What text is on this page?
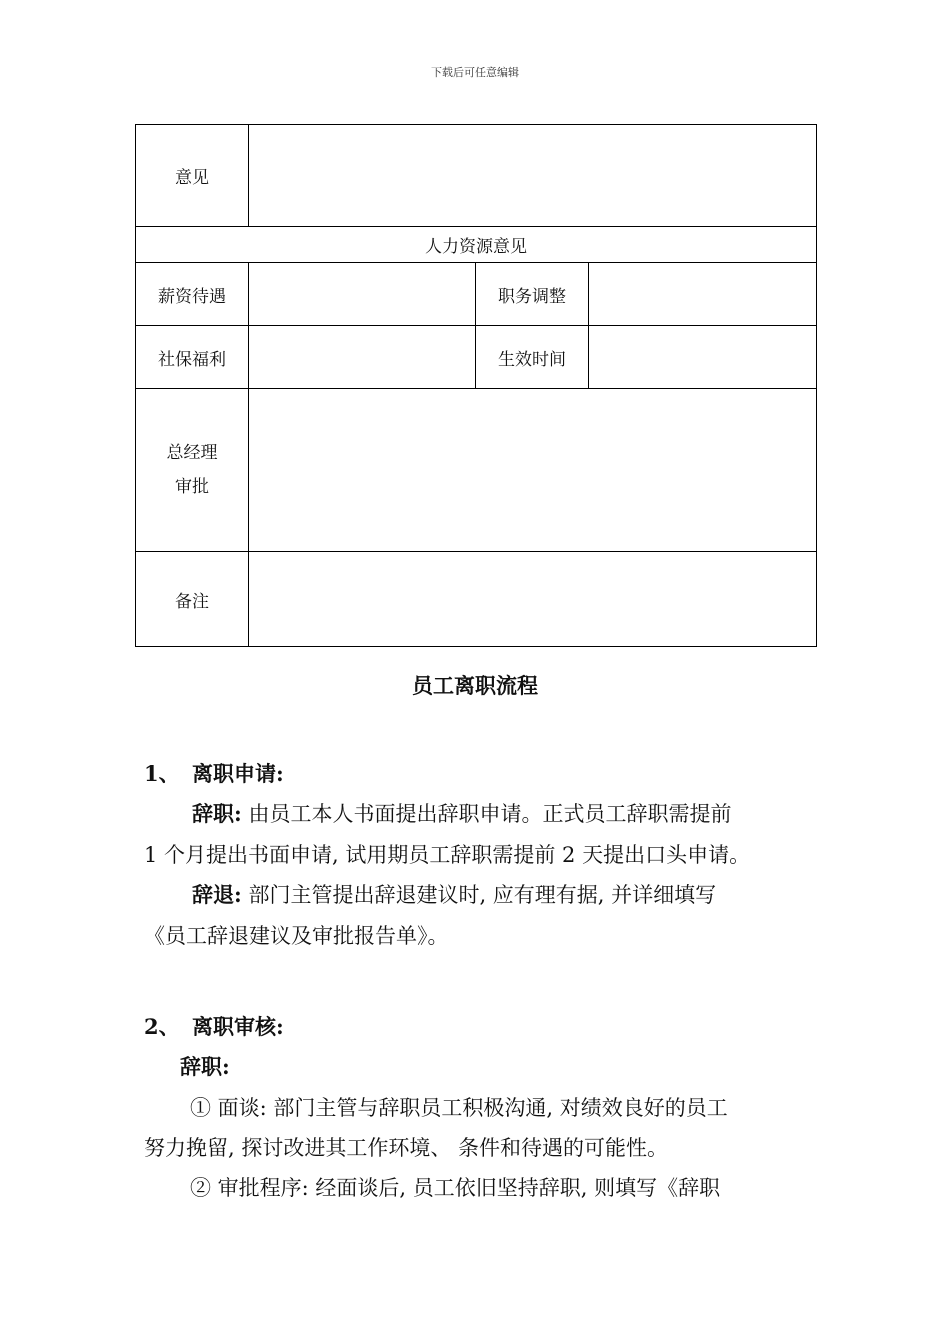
下载后可任意编辑
意见			
人力资源意见			
薪资待遇		职务调整	
社保福利		生效时间	

总经理
审批			

备注			
员工离职流程
1、 离职申请:
辞职: 由员工本人书面提出辞职申请。正式员工辞职需提前
1 个月提出书面申请, 试用期员工辞职需提前 2 天提出口头申请。
辞退: 部门主管提出辞退建议时, 应有理有据, 并详细填写
《员工辞退建议及审批报告单》。
2、 离职审核:
辞职:
① 面谈: 部门主管与辞职员工积极沟通, 对绩效良好的员工
努力挽留, 探讨改进其工作环境、 条件和待遇的可能性。
② 审批程序: 经面谈后, 员工依旧坚持辞职, 则填写《辞职
